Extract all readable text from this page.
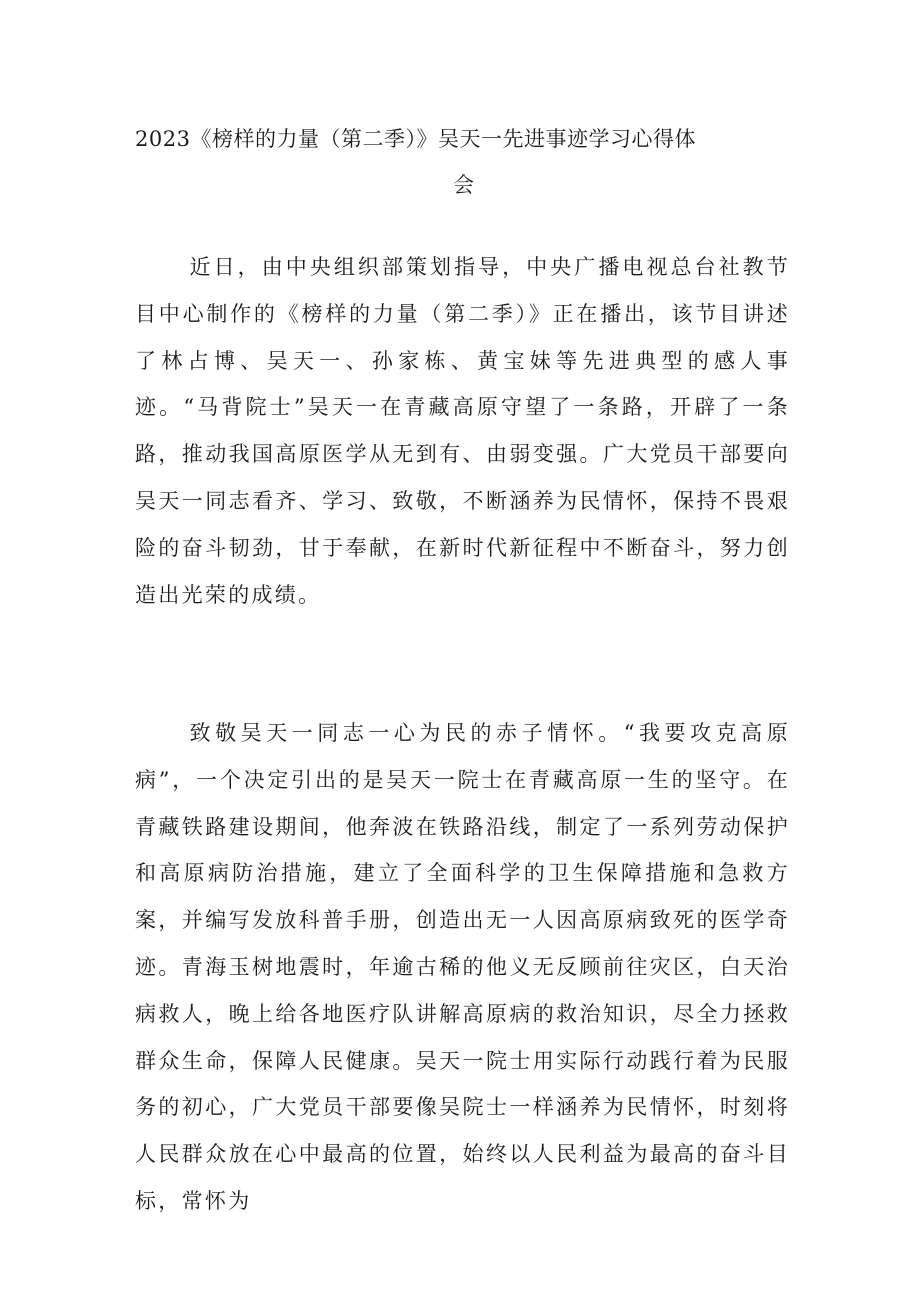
2023《榜样的力量（第二季）》吴天一先进事迹学习心得体
会

近日，由中央组织部策划指导，中央广播电视总台社教节目中心制作的《榜样的力量（第二季）》正在播出，该节目讲述了林占博、吴天一、孙家栋、黄宝妹等先进典型的感人事迹。“马背院士”吴天一在青藏高原守望了一条路，开辟了一条路，推动我国高原医学从无到有、由弱变强。广大党员干部要向吴天一同志看齐、学习、致敬，不断涵养为民情怀，保持不畏艰险的奋斗韧劲，甘于奉献，在新时代新征程中不断奋斗，努力创造出光荣的成绩。

致敬吴天一同志一心为民的赤子情怀。“我要攻克高原病”，一个决定引出的是吴天一院士在青藏高原一生的坚守。在青藏铁路建设期间，他奔波在铁路沿线，制定了一系列劳动保护和高原病防治措施，建立了全面科学的卫生保障措施和急救方案，并编写发放科普手册，创造出无一人因高原病致死的医学奇迹。青海玉树地震时，年逾古稀的他义无反顾前往灾区，白天治病救人，晚上给各地医疗队讲解高原病的救治知识，尽全力拯救群众生命，保障人民健康。吴天一院士用实际行动践行着为民服务的初心，广大党员干部要像吴院士一样涵养为民情怀，时刻将人民群众放在心中最高的位置，始终以人民利益为最高的奋斗目标，常怀为
